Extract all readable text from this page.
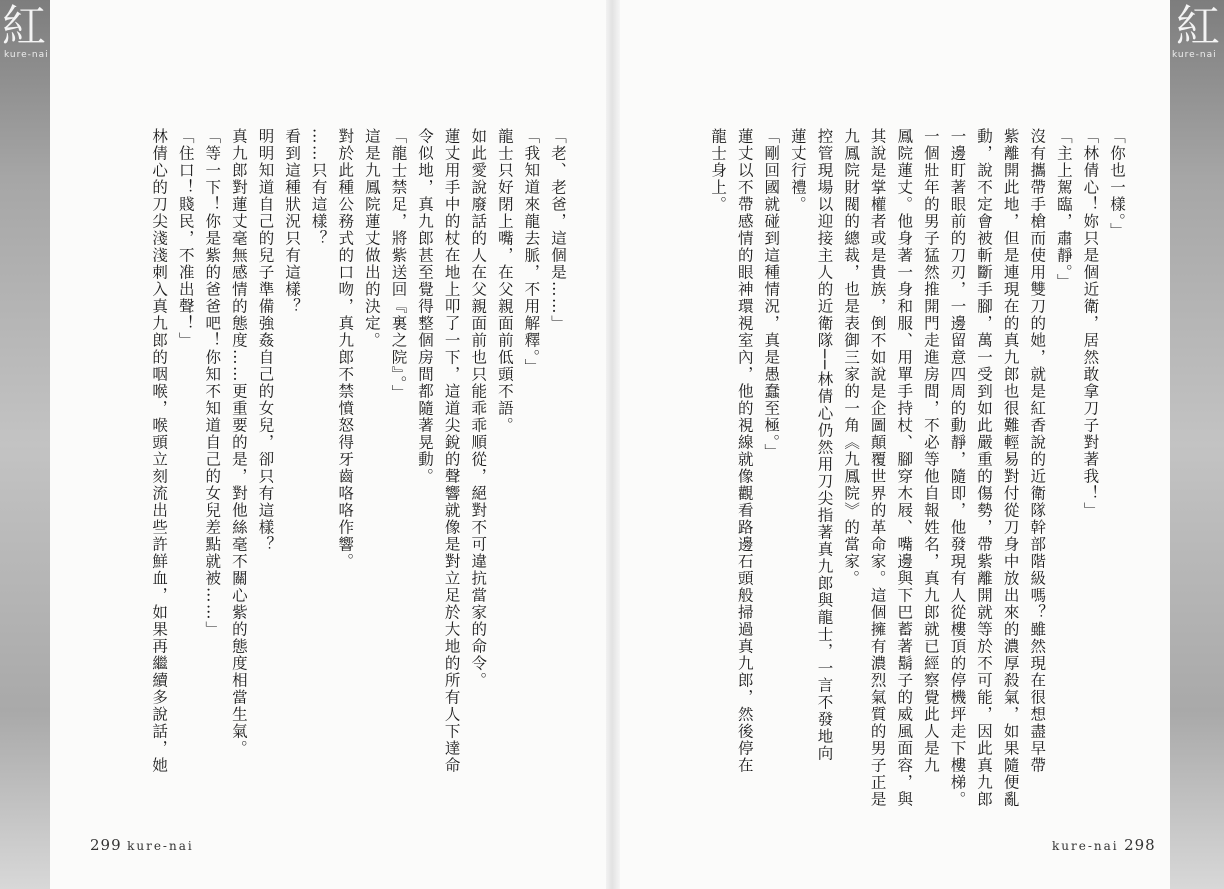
紅
kure-nai
紅
kure-nai
「你也一樣。」
「林倩心！妳只是個近衛，居然敢拿刀子對著我！」
「主上駕臨，肅靜。」
沒有攜帶手槍而使用雙刀的她，就是紅香說的近衛隊幹部階級嗎？雖然現在很想盡早帶
紫離開此地，但是連現在的真九郎也很難輕易對付從刀身中放出來的濃厚殺氣，如果隨便亂
動，說不定會被斬斷手腳，萬一受到如此嚴重的傷勢，帶紫離開就等於不可能，因此真九郎
一邊盯著眼前的刀刃，一邊留意四周的動靜，隨即，他發現有人從樓頂的停機坪走下樓梯。
一個壯年的男子猛然推開門走進房間，不必等他自報姓名，真九郎就已經察覺此人是九
鳳院蓮丈。他身著一身和服、用單手持杖、腳穿木屐、嘴邊與下巴蓄著鬍子的威風面容，與
其說是掌權者或是貴族，倒不如說是企圖顛覆世界的革命家。這個擁有濃烈氣質的男子正是
九鳳院財閥的總裁，也是表御三家的一角《九鳳院》的當家。
控管現場以迎接主人的近衛隊──林倩心仍然用刀尖指著真九郎與龍士，一言不發地向
蓮丈行禮。
「剛回國就碰到這種情況，真是愚蠢至極。」
蓮丈以不帶感情的眼神環視室內，他的視線就像觀看路邊石頭般掃過真九郎，然後停在
龍士身上。
「老、老爸，這個是……」
「我知道來龍去脈，不用解釋。」
龍士只好閉上嘴，在父親面前低頭不語。
如此愛說廢話的人在父親面前也只能乖乖順從，絕對不可違抗當家的命令。
蓮丈用手中的杖在地上叩了一下，這道尖銳的聲響就像是對立足於大地的所有人下達命
令似地，真九郎甚至覺得整個房間都隨著晃動。
「龍士禁足，將紫送回『裏之院』。」
這是九鳳院蓮丈做出的決定。
對於此種公務式的口吻，真九郎不禁憤怒得牙齒咯咯作響。
……只有這樣？
看到這種狀況只有這樣？
明明知道自己的兒子準備強姦自己的女兒，卻只有這樣？
真九郎對蓮丈毫無感情的態度……更重要的是，對他絲毫不關心紫的態度相當生氣。
「等一下！你是紫的爸爸吧！你知不知道自己的女兒差點就被……」
「住口！賤民，不准出聲！」
林倩心的刀尖淺淺刺入真九郎的咽喉，喉頭立刻流出些許鮮血，如果再繼續多說話，她
299 kure-nai	kure-nai 298
